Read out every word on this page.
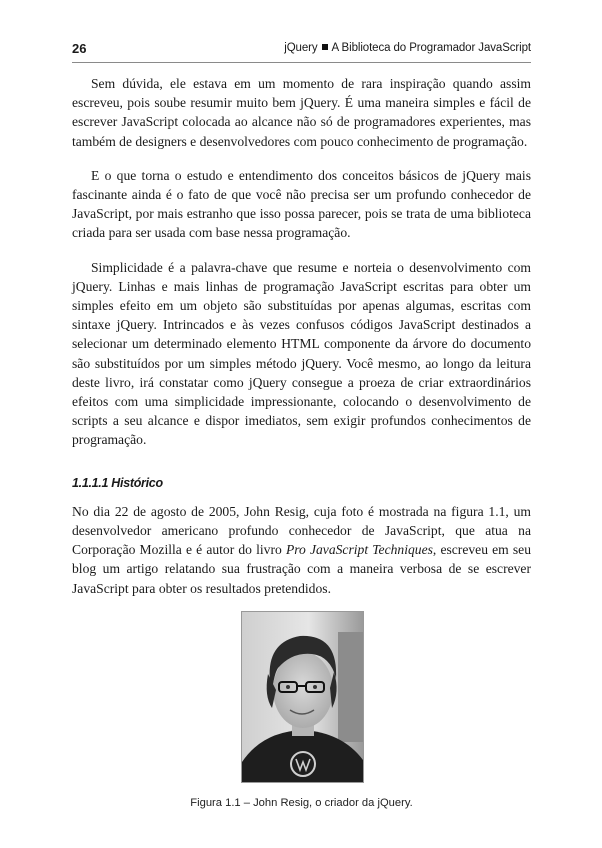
26	jQuery A Biblioteca do Programador JavaScript

Sem dúvida, ele estava em um momento de rara inspiração quando assim escreveu, pois soube resumir muito bem jQuery. É uma maneira simples e fácil de escrever JavaScript colocada ao alcance não só de programadores experientes, mas também de designers e desenvolvedores com pouco conhecimento de programação.

E o que torna o estudo e entendimento dos conceitos básicos de jQuery mais fascinante ainda é o fato de que você não precisa ser um profundo conhecedor de JavaScript, por mais estranho que isso possa parecer, pois se trata de uma biblioteca criada para ser usada com base nessa programação.

Simplicidade é a palavra-chave que resume e norteia o desenvolvimento com jQuery. Linhas e mais linhas de programação JavaScript escritas para obter um simples efeito em um objeto são substituídas por apenas algumas, escritas com sintaxe jQuery. Intrincados e às vezes confusos códigos JavaScript destinados a selecionar um determinado elemento HTML componente da árvore do documento são substituídos por um simples método jQuery. Você mesmo, ao longo da leitura deste livro, irá constatar como jQuery consegue a proeza de criar extraordinários efeitos com uma simplicidade impressionante, colocando o desenvolvimento de scripts a seu alcance e dispor imediatos, sem exigir profundos conhecimentos de programação.

1.1.1.1 Histórico

No dia 22 de agosto de 2005, John Resig, cuja foto é mostrada na figura 1.1, um desenvolvedor americano profundo conhecedor de JavaScript, que atua na Corporação Mozilla e é autor do livro Pro JavaScript Techniques, escreveu em seu blog um artigo relatando sua frustração com a maneira verbosa de se escrever JavaScript para obter os resultados pretendidos.

Figura 1.1 – John Resig, o criador da jQuery.
